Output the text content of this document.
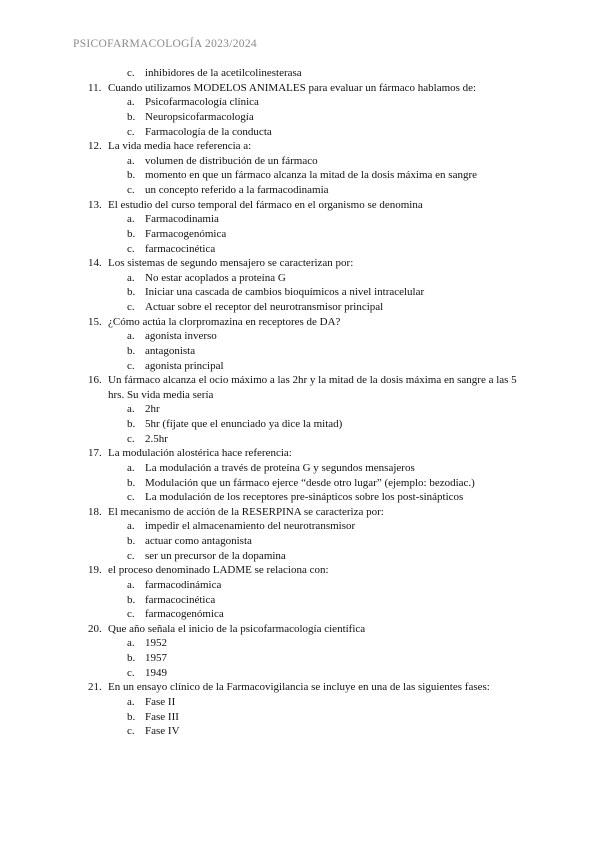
PSICOFARMACOLOGÍA 2023/2024
c. inhibidores de la acetilcolinesterasa
11. Cuando utilizamos MODELOS ANIMALES para evaluar un fármaco hablamos de:
a. Psicofarmacología clínica
b. Neuropsicofarmacología
c. Farmacología de la conducta
12. La vida media hace referencia a:
a. volumen de distribución de un fármaco
b. momento en que un fármaco alcanza la mitad de la dosis máxima en sangre
c. un concepto referido a la farmacodinamia
13. El estudio del curso temporal del fármaco en el organismo se denomina
a. Farmacodinamia
b. Farmacogenómica
c. farmacocinética
14. Los sistemas de segundo mensajero se caracterizan por:
a. No estar acoplados a proteína G
b. Iniciar una cascada de cambios bioquímicos a nivel intracelular
c. Actuar sobre el receptor del neurotransmisor principal
15. ¿Cómo actúa la clorpromazina en receptores de DA?
a. agonista inverso
b. antagonista
c. agonista principal
16. Un fármaco alcanza el ocio máximo a las 2hr y la mitad de la dosis máxima en sangre a las 5
hrs. Su vida media sería
a. 2hr
b. 5hr (fíjate que el enunciado ya dice la mitad)
c. 2.5hr
17. La modulación alostérica hace referencia:
a. La modulación a través de proteína G y segundos mensajeros
b. Modulación que un fármaco ejerce “desde otro lugar” (ejemplo: bezodiac.)
c. La modulación de los receptores pre-sinápticos sobre los post-sinápticos
18. El mecanismo de acción de la RESERPINA se caracteriza por:
a. impedir el almacenamiento del neurotransmisor
b. actuar como antagonista
c. ser un precursor de la dopamina
19. el proceso denominado LADME se relaciona con:
a. farmacodinámica
b. farmacocinética
c. farmacogenómica
20. Que año señala el inicio de la psicofarmacología científica
a. 1952
b. 1957
c. 1949
21. En un ensayo clínico de la Farmacovigilancia se incluye en una de las siguientes fases:
a. Fase II
b. Fase III
c. Fase IV
